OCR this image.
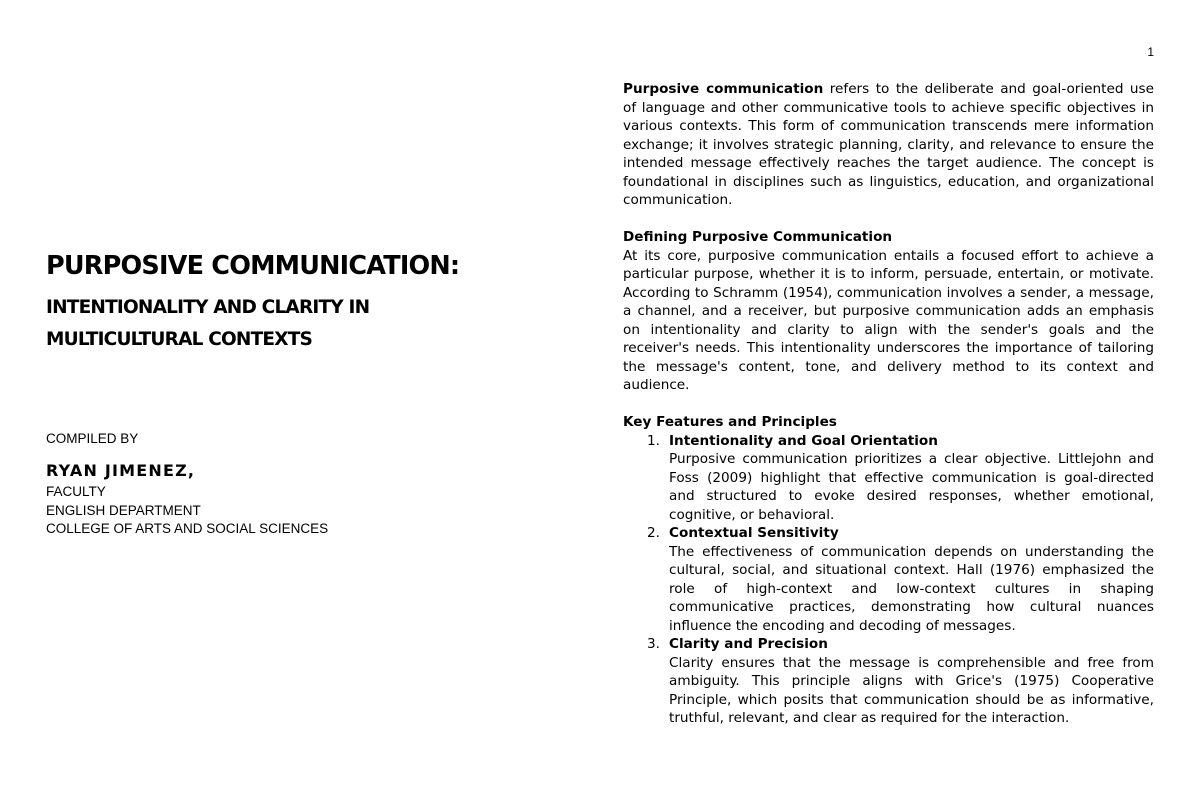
PURPOSIVE COMMUNICATION:
INTENTIONALITY AND CLARITY IN
MULTICULTURAL CONTEXTS
COMPILED BY
RYAN JIMENEZ,
FACULTY
ENGLISH DEPARTMENT
COLLEGE OF ARTS AND SOCIAL SCIENCES
1

Purposive communication refers to the deliberate and goal-oriented use of language and other communicative tools to achieve specific objectives in various contexts. This form of communication transcends mere information exchange; it involves strategic planning, clarity, and relevance to ensure the intended message effectively reaches the target audience. The concept is foundational in disciplines such as linguistics, education, and organizational communication.

Defining Purposive Communication

At its core, purposive communication entails a focused effort to achieve a particular purpose, whether it is to inform, persuade, entertain, or motivate. According to Schramm (1954), communication involves a sender, a message, a channel, and a receiver, but purposive communication adds an emphasis on intentionality and clarity to align with the sender's goals and the receiver's needs. This intentionality underscores the importance of tailoring the message's content, tone, and delivery method to its context and audience.

Key Features and Principles

1. Intentionality and Goal Orientation
Purposive communication prioritizes a clear objective. Littlejohn and Foss (2009) highlight that effective communication is goal-directed and structured to evoke desired responses, whether emotional, cognitive, or behavioral.
2. Contextual Sensitivity
The effectiveness of communication depends on understanding the cultural, social, and situational context. Hall (1976) emphasized the role of high-context and low-context cultures in shaping communicative practices, demonstrating how cultural nuances influence the encoding and decoding of messages.
3. Clarity and Precision
Clarity ensures that the message is comprehensible and free from ambiguity. This principle aligns with Grice's (1975) Cooperative Principle, which posits that communication should be as informative, truthful, relevant, and clear as required for the interaction.
